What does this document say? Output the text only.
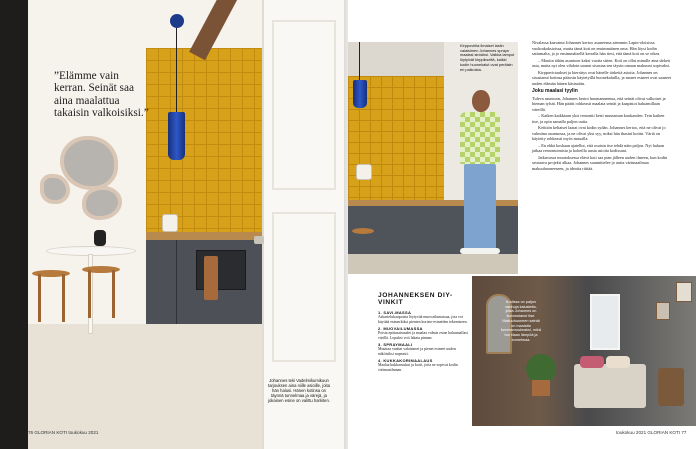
”Elämme vain kerran. Seinät saa aina maalattua takaisin valkoisiksi.”
Johannes teki Vadelmikumikuun tarjouksen aina niille asioille, joita hän halusi. Hänen kotinsa on täynnä tunnelmaa ja värejä, ja jokainen esine on valittu harkiten.
76 GLORIAN KOTI toukokuu 2021
Kirppuvirita ilmaiset lasiin valaisimen Johannes sprayn maalasi sinisiksi. Vaikka lamput löytyivät kirppikseltä, kaikki kodin huonekalut ovat peräisin eri paikoista.

Nivalassa kasvanut Johannes kertoo asuneensa aiemmin Lapin-oloisissa vuokrakaksioissa, mutta tämä koti on ensimmäinen oma. Hän löysi kodin sattumalta, ja jo ensimmäisellä kerralla hän tiesi, että tämä koti on se oikea.

– Muutin tähän asuntoon kaksi vuotta sitten. Koti on ollut minulle aina tärkeä asia, mutta nyt olen vihdoin saanut sisustaa sen täysin omaan makuuni sopivaksi.

Kirppuvirtaukset ja kierrätys ovat hänelle tärkeitä asioita. Johannes on sisustanut kotinsa pääosin käytetyillä huonekaluilla, ja monet esineet ovat saaneet uuden elämän hänen käsissään.

Joku maalasi tyylin

Tuleva asuntoon, Johannes kertoi huomanneensa, että seinät olivat valkoiset ja hieman tylsät. Hän päätti rohkeasti maalata seinät ja kaapistot haluamillaan väreillä.

– Kaiken kaikkiaan yksi remontti kesti muutaman kuukauden. Tein kaiken itse, ja opin samalla paljon uutta.

Keittiön keltaiset laatat ovat kodin sydän. Johannes kertoo, että ne olivat jo valmiina asunnossa, ja ne olivat yksi syy, miksi hän ihastui kotiin. Väriä on käytetty rohkeasti myös muualla.

– En ehkä koskaan ajatellut, että osaisin itse tehdä näin paljon. Nyt haluan jatkaa remontoimista ja kokeilla uusia asioita kodissani.

Jatkuvassa muutoksessa elävä koti saa pian jälleen uuden ilmeen, kun kodin seuraava projekti alkaa. Johannes suunnittelee jo uutta värimaailmaa makuuhuoneeseen, ja ideoita riittää.

JOHANNEKSEN DIY-VINKIT
1. SAVI-MASSA
Askartelukaupoista löytyvää muovailumassaa, jota voi käyttää esimerkiksi pienten koriste-esineiden tekemiseen.
2. MUOVAILUMASSA
Poista epätasaisuudet ja maalaa valmis esine haluamallasi värillä. Lopuksi voit lakata pinnan.
3. SPRAYMAALI
Muuttaa vanhat valaisimet ja pienet esineet uuden näköisiksi nopeasti.
4. KUKKAKORIMAALAUS
Maalaa kukkaruukut ja korit, jotta ne sopivat kodin värimaailmaan.
Kodissa on paljon vanhoja kalusteita, jotka Johannes on kunnostanut itse. Makuuhuoneen seinät on maalattu tummanruskeaksi, mikä tuo tilaan lämpöä ja tunnelmaa.
toukokuu 2021 GLORIAN KOTI 77
